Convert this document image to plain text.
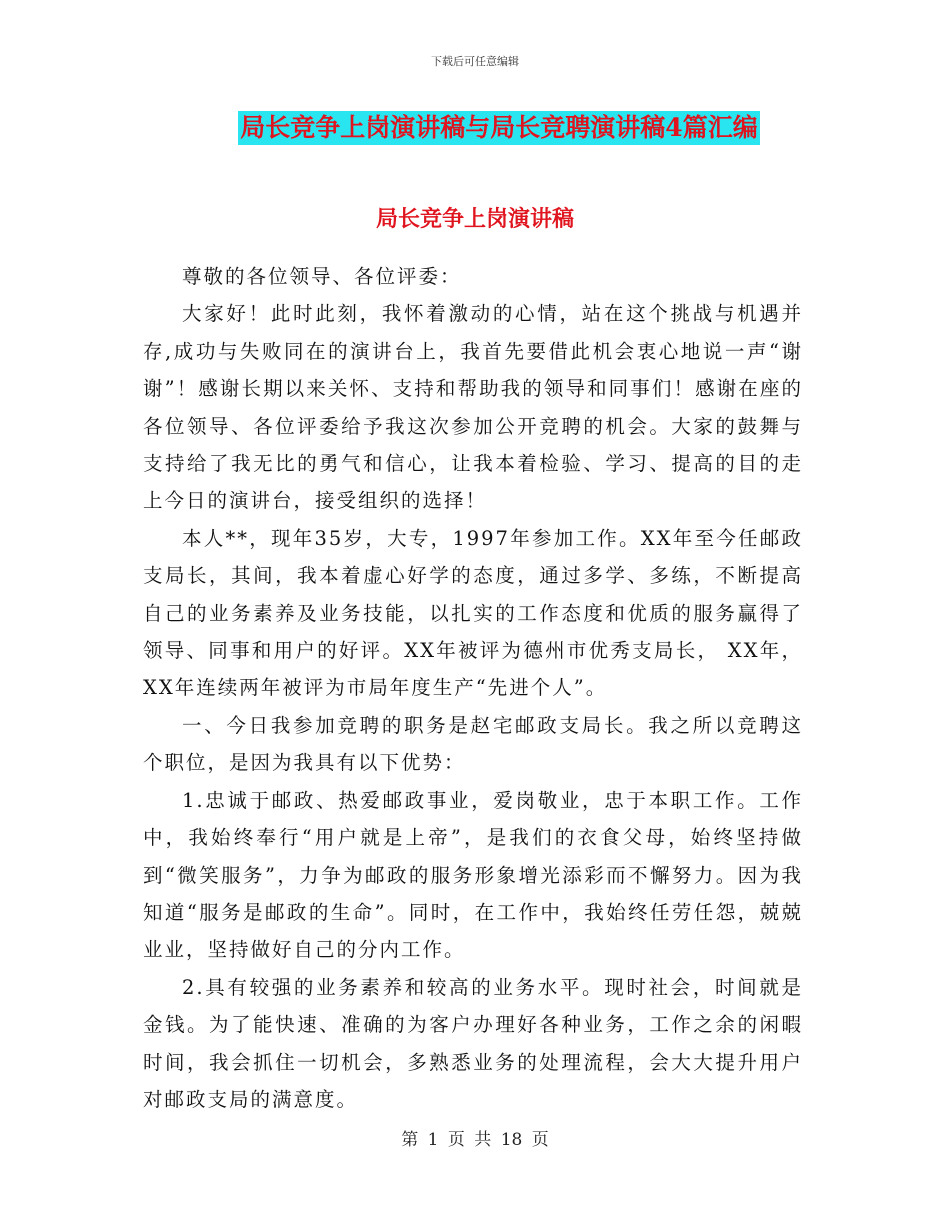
下载后可任意编辑
局长竞争上岗演讲稿与局长竞聘演讲稿4篇汇编
局长竞争上岗演讲稿

尊敬的各位领导、各位评委：

大家好！此时此刻，我怀着激动的心情，站在这个挑战与机遇并存,成功与失败同在的演讲台上，我首先要借此机会衷心地说一声“谢谢”！感谢长期以来关怀、支持和帮助我的领导和同事们！感谢在座的各位领导、各位评委给予我这次参加公开竞聘的机会。大家的鼓舞与支持给了我无比的勇气和信心，让我本着检验、学习、提高的目的走上今日的演讲台，接受组织的选择！

本人**，现年35岁，大专，1997年参加工作。XX年至今任邮政支局长，其间，我本着虚心好学的态度，通过多学、多练，不断提高自己的业务素养及业务技能，以扎实的工作态度和优质的服务赢得了领导、同事和用户的好评。XX年被评为德州市优秀支局长， XX年，XX年连续两年被评为市局年度生产“先进个人”。

一、今日我参加竞聘的职务是赵宅邮政支局长。我之所以竞聘这个职位，是因为我具有以下优势：

1.忠诚于邮政、热爱邮政事业，爱岗敬业，忠于本职工作。工作中，我始终奉行“用户就是上帝”，是我们的衣食父母，始终坚持做到“微笑服务”，力争为邮政的服务形象增光添彩而不懈努力。因为我知道“服务是邮政的生命”。同时，在工作中，我始终任劳任怨，兢兢业业，坚持做好自己的分内工作。

2.具有较强的业务素养和较高的业务水平。现时社会，时间就是金钱。为了能快速、准确的为客户办理好各种业务，工作之余的闲暇时间，我会抓住一切机会，多熟悉业务的处理流程，会大大提升用户对邮政支局的满意度。

第 1 页 共 18 页
